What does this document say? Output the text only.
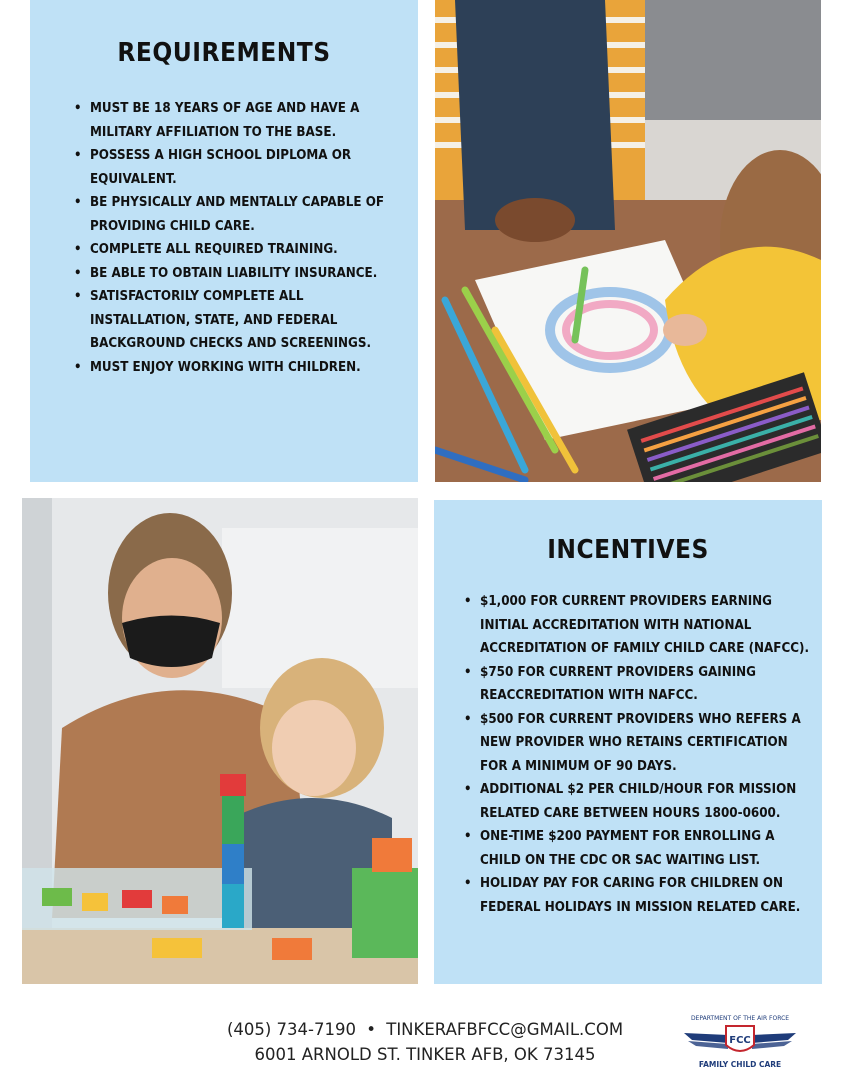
REQUIREMENTS
• MUST BE 18 YEARS OF AGE AND HAVE A MILITARY AFFILIATION TO THE BASE.
• POSSESS A HIGH SCHOOL DIPLOMA OR EQUIVALENT.
• BE PHYSICALLY AND MENTALLY CAPABLE OF PROVIDING CHILD CARE.
• COMPLETE ALL REQUIRED TRAINING.
• BE ABLE TO OBTAIN LIABILITY INSURANCE.
• SATISFACTORILY COMPLETE ALL INSTALLATION, STATE, AND FEDERAL BACKGROUND CHECKS AND SCREENINGS.
• MUST ENJOY WORKING WITH CHILDREN.
INCENTIVES
• $1,000 FOR CURRENT PROVIDERS EARNING INITIAL ACCREDITATION WITH NATIONAL ACCREDITATION OF FAMILY CHILD CARE (NAFCC).
• $750 FOR CURRENT PROVIDERS GAINING REACCREDITATION WITH NAFCC.
• $500 FOR CURRENT PROVIDERS WHO REFERS A NEW PROVIDER WHO RETAINS CERTIFICATION FOR A MINIMUM OF 90 DAYS.
• ADDITIONAL $2 PER CHILD/HOUR FOR MISSION RELATED CARE BETWEEN HOURS 1800-0600.
• ONE-TIME $200 PAYMENT FOR ENROLLING A CHILD ON THE CDC OR SAC WAITING LIST.
• HOLIDAY PAY FOR CARING FOR CHILDREN ON FEDERAL HOLIDAYS IN MISSION RELATED CARE.
(405) 734-7190 • TINKERAFBFCC@GMAIL.COM
6001 ARNOLD ST. TINKER AFB, OK 73145
DEPARTMENT OF THE AIR FORCE
FCC
FAMILY CHILD CARE
